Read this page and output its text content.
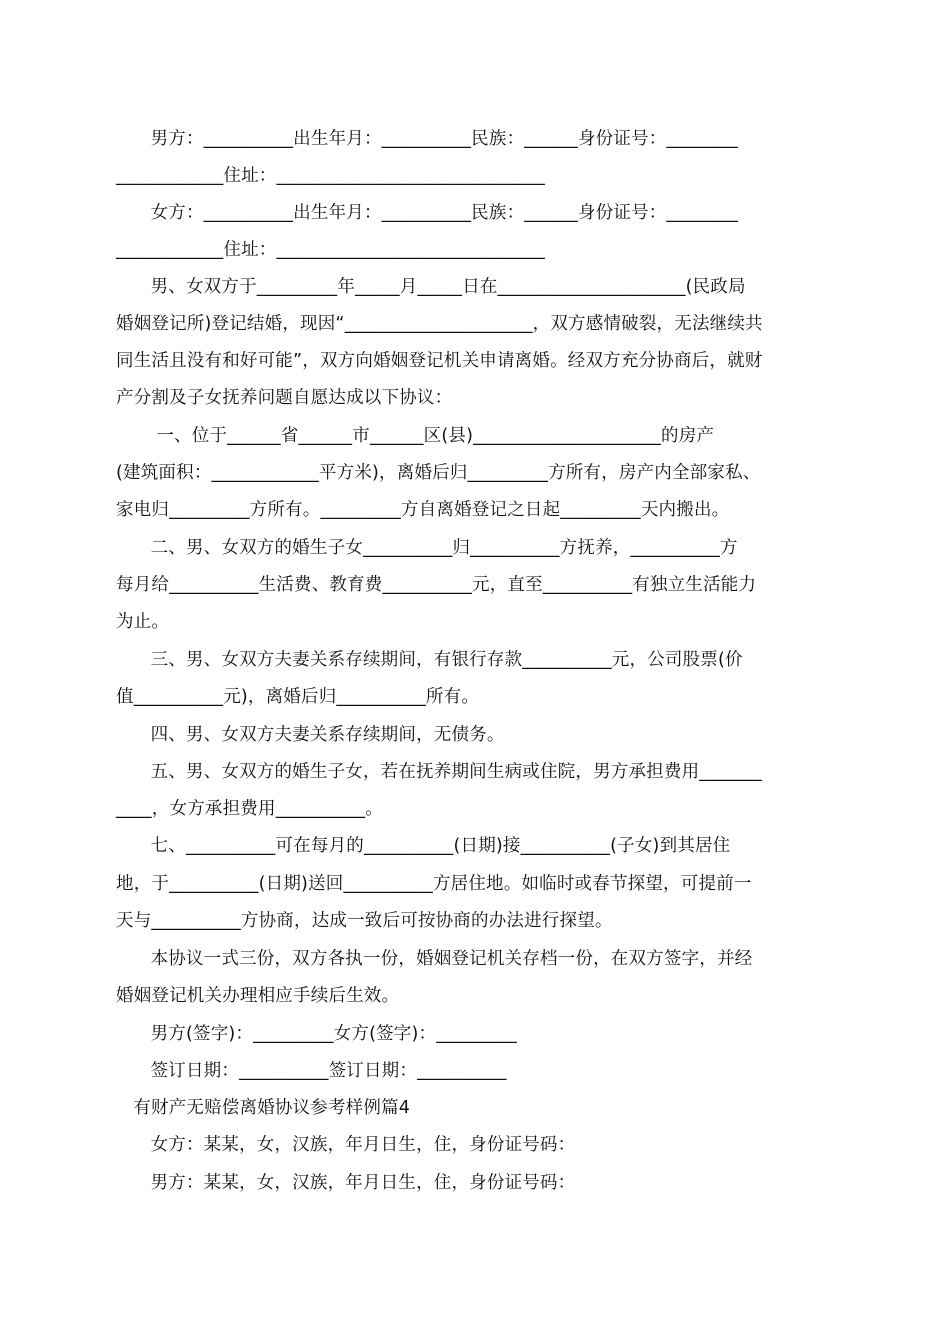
男方：__________出生年月：__________民族：______身份证号：________
____________住址：______________________________
女方：__________出生年月：__________民族：______身份证号：________
____________住址：______________________________
男、女双方于_________年_____月_____日在_____________________(民政局
婚姻登记所)登记结婚，现因“_____________________，双方感情破裂，无法继续共
同生活且没有和好可能”，双方向婚姻登记机关申请离婚。经双方充分协商后，就财
产分割及子女抚养问题自愿达成以下协议：
一、位于______省______市______区(县)_____________________的房产
(建筑面积：____________平方米)，离婚后归_________方所有，房产内全部家私、
家电归_________方所有。_________方自离婚登记之日起_________天内搬出。
二、男、女双方的婚生子女__________归__________方抚养，__________方
每月给__________生活费、教育费__________元，直至__________有独立生活能力
为止。
三、男、女双方夫妻关系存续期间，有银行存款__________元，公司股票(价
值__________元)，离婚后归__________所有。
四、男、女双方夫妻关系存续期间，无债务。
五、男、女双方的婚生子女，若在抚养期间生病或住院，男方承担费用_______
____，女方承担费用__________。
七、__________可在每月的__________(日期)接__________(子女)到其居住
地，于__________(日期)送回__________方居住地。如临时或春节探望，可提前一
天与__________方协商，达成一致后可按协商的办法进行探望。
本协议一式三份，双方各执一份，婚姻登记机关存档一份，在双方签字，并经
婚姻登记机关办理相应手续后生效。
男方(签字)：_________女方(签字)：_________
签订日期：__________签订日期：__________
有财产无赔偿离婚协议参考样例篇4
女方：某某，女，汉族，年月日生，住，身份证号码：
男方：某某，女，汉族，年月日生，住，身份证号码：
